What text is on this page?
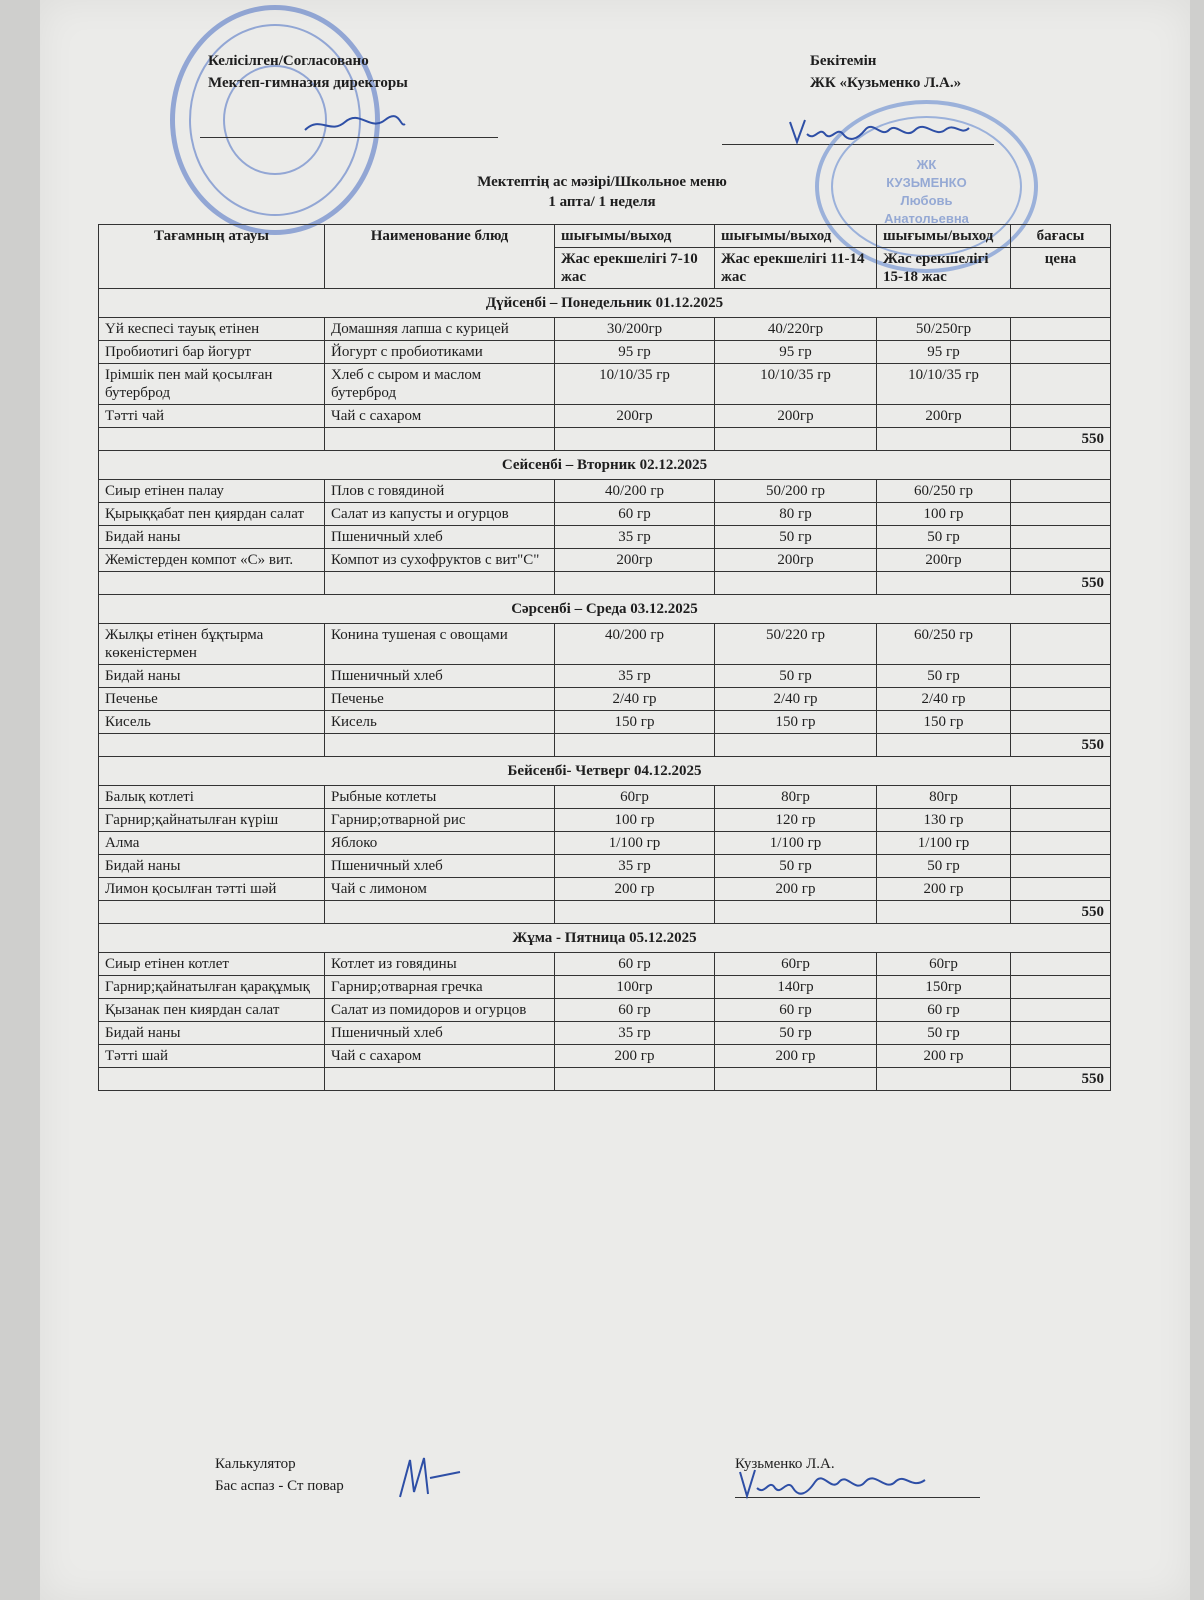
Келісілген/Согласовано
Мектеп-гимназия директоры
Бекітемін
ЖК «Кузьменко Л.А.»
ЖК
КУЗЬМЕНКО
Любовь
Анатольевна
Мектептің ас мәзірі/Школьное меню
1 апта/ 1 неделя
Тағамның атауы	Наименование блюд	шығымы/выход	шығымы/выход	шығымы/выход	бағасы
		Жас ерекшелігі 7-10 жас	Жас ерекшелігі 11-14 жас	Жас ерекшелігі 15-18 жас	цена
Дүйсенбі – Понедельник 01.12.2025					
Үй кеспесі тауық етінен	Домашняя лапша с курицей	30/200гр	40/220гр	50/250гр	
Пробиотигі бар йогурт	Йогурт с пробиотиками	95 гр	95 гр	95 гр	
Ірімшік пен май қосылған бутерброд	Хлеб с сыром и маслом бутерброд	10/10/35 гр	10/10/35 гр	10/10/35 гр	
Тәтті чай	Чай с сахаром	200гр	200гр	200гр	
					550
Сейсенбі – Вторник 02.12.2025					
Сиыр етінен палау	Плов с говядиной	40/200 гр	50/200 гр	60/250 гр	
Қырыққабат пен қиярдан салат	Салат из капусты и огурцов	60 гр	80 гр	100 гр	
Бидай наны	Пшеничный хлеб	35 гр	50 гр	50 гр	
Жемістерден компот «С» вит.	Компот из сухофруктов с вит"С"	200гр	200гр	200гр	
					550
Сәрсенбі – Среда 03.12.2025					
Жылқы етінен бұқтырма көкеністермен	Конина тушеная с овощами	40/200 гр	50/220 гр	60/250 гр	
Бидай наны	Пшеничный хлеб	35 гр	50 гр	50 гр	
Печенье	Печенье	2/40 гр	2/40 гр	2/40 гр	
Кисель	Кисель	150 гр	150 гр	150 гр	
					550
Бейсенбі- Четверг 04.12.2025					
Балық котлеті	Рыбные котлеты	60гр	80гр	80гр	
Гарнир;қайнатылған күріш	Гарнир;отварной рис	100 гр	120 гр	130 гр	
Алма	Яблоко	1/100 гр	1/100 гр	1/100 гр	
Бидай наны	Пшеничный хлеб	35 гр	50 гр	50 гр	
Лимон қосылған тәтті шәй	Чай с лимоном	200 гр	200 гр	200 гр	
					550
Жұма - Пятница 05.12.2025					
Сиыр етінен котлет	Котлет из говядины	60 гр	60гр	60гр	
Гарнир;қайнатылған қарақұмық	Гарнир;отварная гречка	100гр	140гр	150гр	
Қызанак пен киярдан салат	Салат из помидоров и огурцов	60 гр	60 гр	60 гр	
Бидай наны	Пшеничный хлеб	35 гр	50 гр	50 гр	
Тәтті шай	Чай с сахаром	200 гр	200 гр	200 гр	
					550
Калькулятор
Бас аспаз - Ст повар
Кузьменко Л.А.
